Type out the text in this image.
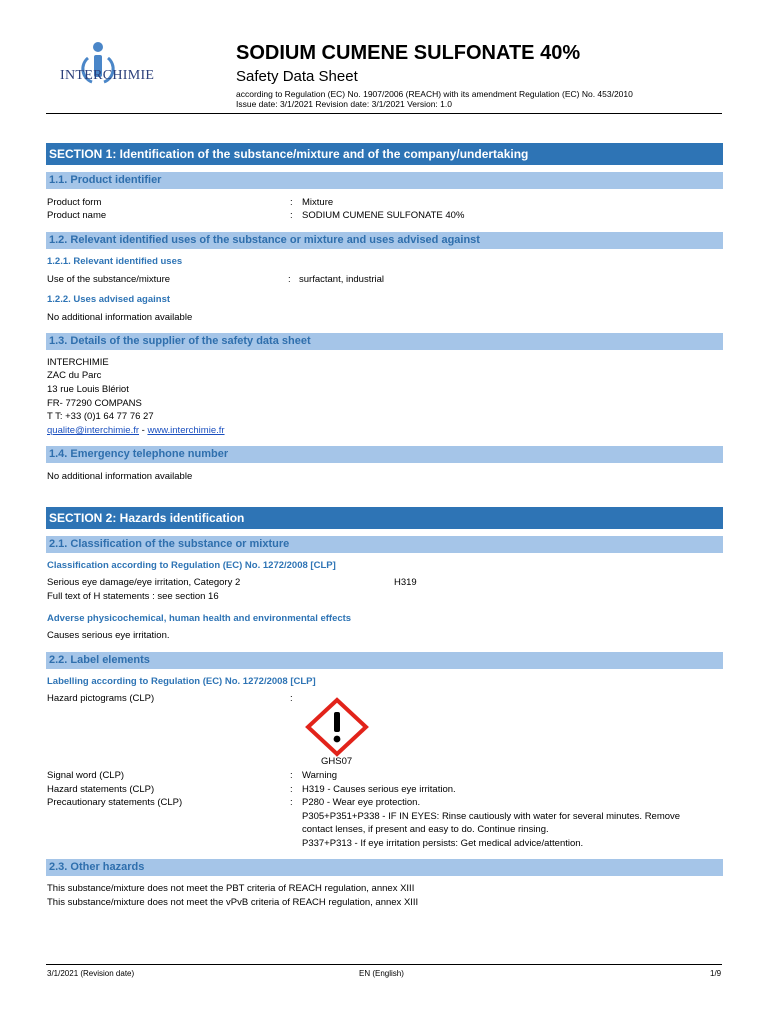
INTERCHIMIE
SODIUM CUMENE SULFONATE 40%
Safety Data Sheet
according to Regulation (EC) No. 1907/2006 (REACH) with its amendment Regulation (EC) No. 453/2010
Issue date: 3/1/2021 Revision date: 3/1/2021 Version: 1.0
SECTION 1: Identification of the substance/mixture and of the company/undertaking
1.1. Product identifier
Product form	: Mixture
Product name	: SODIUM CUMENE SULFONATE 40%
1.2. Relevant identified uses of the substance or mixture and uses advised against
1.2.1. Relevant identified uses
Use of the substance/mixture	: surfactant, industrial
1.2.2. Uses advised against
No additional information available
1.3. Details of the supplier of the safety data sheet
INTERCHIMIE
ZAC du Parc
13 rue Louis Blériot
FR- 77290 COMPANS
T T: +33 (0)1 64 77 76 27
qualite@interchimie.fr - www.interchimie.fr
1.4. Emergency telephone number
No additional information available
SECTION 2: Hazards identification
2.1. Classification of the substance or mixture
Classification according to Regulation (EC) No. 1272/2008 [CLP]
Serious eye damage/eye irritation, Category 2	H319
Full text of H statements : see section 16
Adverse physicochemical, human health and environmental effects
Causes serious eye irritation.
2.2. Label elements
Labelling according to Regulation (EC) No. 1272/2008 [CLP]
Hazard pictograms (CLP)	:
GHS07
Signal word (CLP)	: Warning
Hazard statements (CLP)	: H319 - Causes serious eye irritation.
Precautionary statements (CLP)	: P280 - Wear eye protection.
P305+P351+P338 - IF IN EYES: Rinse cautiously with water for several minutes. Remove
contact lenses, if present and easy to do. Continue rinsing.
P337+P313 - If eye irritation persists: Get medical advice/attention.
2.3. Other hazards
This substance/mixture does not meet the PBT criteria of REACH regulation, annex XIII
This substance/mixture does not meet the vPvB criteria of REACH regulation, annex XIII
3/1/2021 (Revision date)	EN (English)	1/9
